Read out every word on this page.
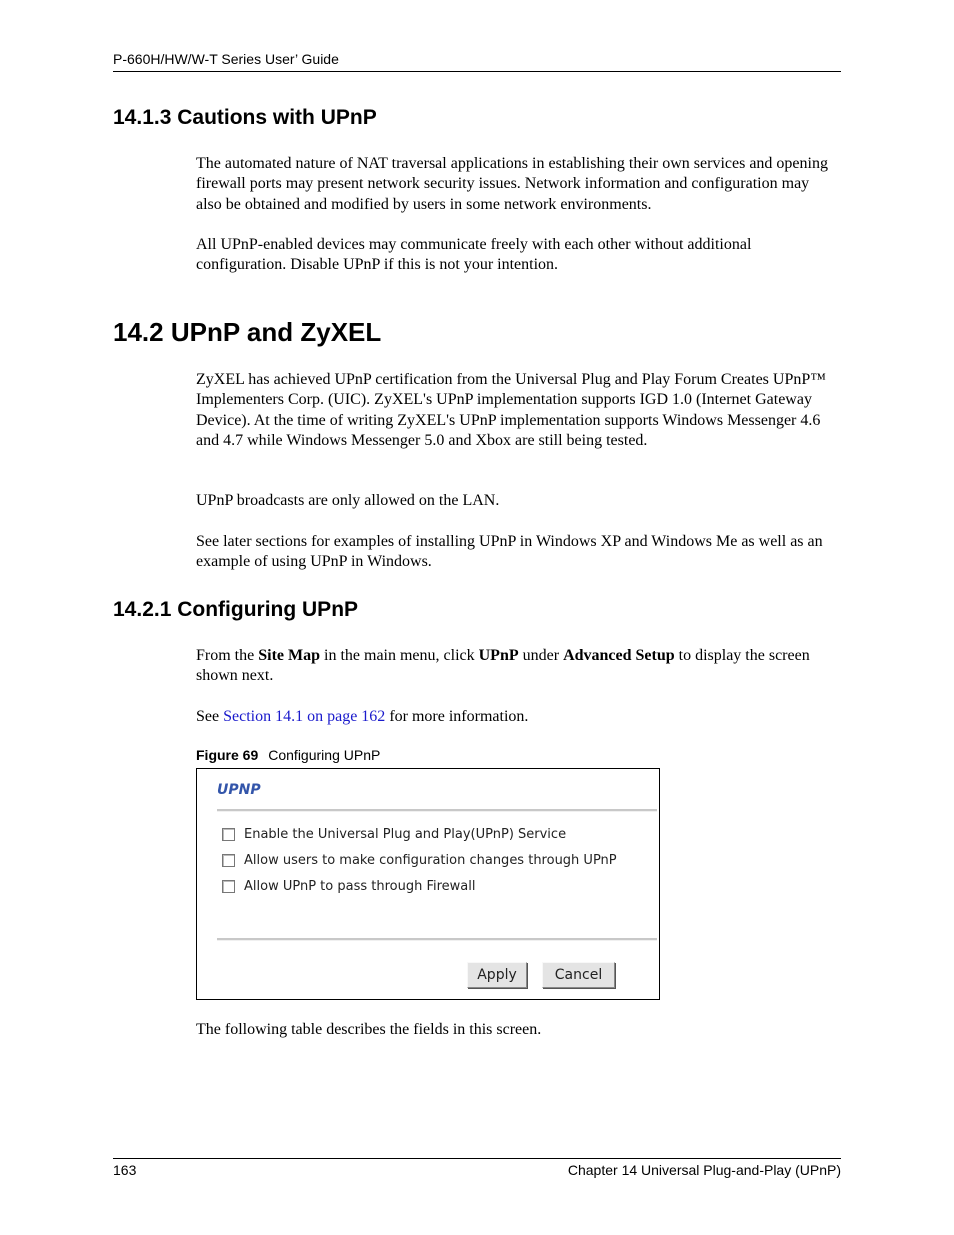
P-660H/HW/W-T Series User’ Guide
14.1.3 Cautions with UPnP

The automated nature of NAT traversal applications in establishing their own services and opening firewall ports may present network security issues. Network information and configuration may also be obtained and modified by users in some network environments.

All UPnP-enabled devices may communicate freely with each other without additional configuration. Disable UPnP if this is not your intention.

14.2 UPnP and ZyXEL

ZyXEL has achieved UPnP certification from the Universal Plug and Play Forum Creates UPnP™ Implementers Corp. (UIC). ZyXEL's UPnP implementation supports IGD 1.0 (Internet Gateway Device). At the time of writing ZyXEL's UPnP implementation supports Windows Messenger 4.6 and 4.7 while Windows Messenger 5.0 and Xbox are still being tested.

UPnP broadcasts are only allowed on the LAN.

See later sections for examples of installing UPnP in Windows XP and Windows Me as well as an example of using UPnP in Windows.

14.2.1 Configuring UPnP

From the Site Map in the main menu, click UPnP under Advanced Setup to display the screen shown next.

See Section 14.1 on page 162 for more information.

Figure 69 Configuring UPnP
UPNP
Enable the Universal Plug and Play(UPnP) Service
Allow users to make configuration changes through UPnP
Allow UPnP to pass through Firewall
Apply	Cancel

The following table describes the fields in this screen.

163	Chapter 14 Universal Plug-and-Play (UPnP)
